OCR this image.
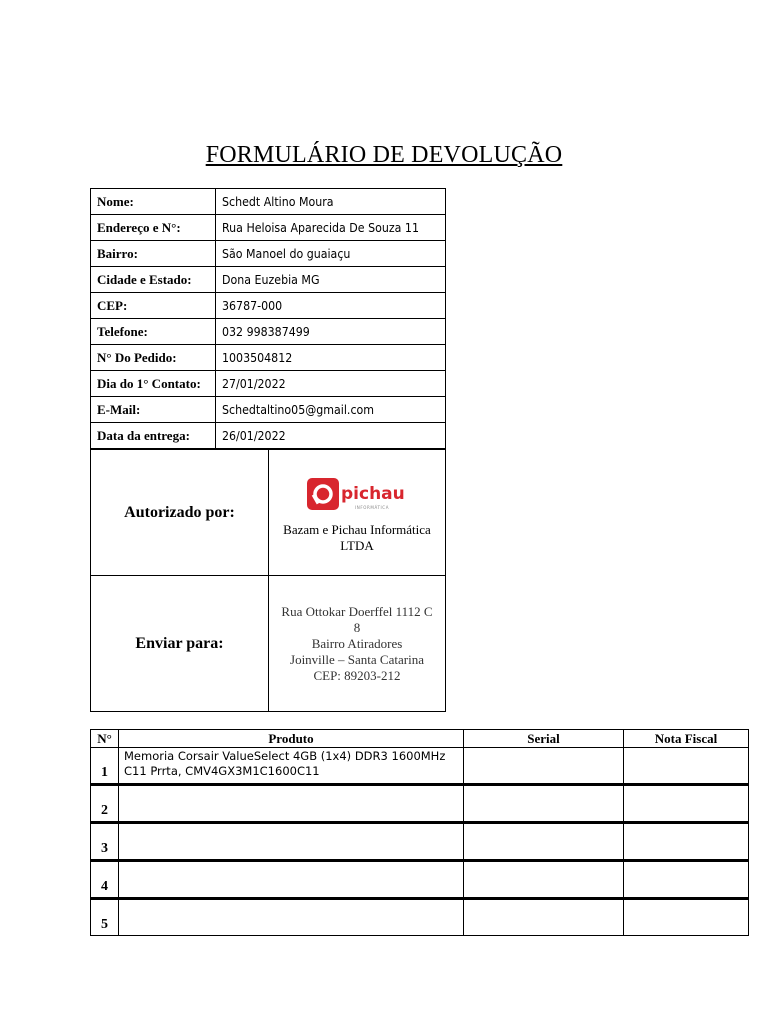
FORMULÁRIO DE DEVOLUÇÃO
Nome:	Schedt Altino Moura
Endereço e N°:	Rua Heloisa Aparecida De Souza 11
Bairro:	São Manoel do guaiaçu
Cidade e Estado:	Dona Euzebia MG
CEP:	36787-000
Telefone:	032 998387499
N° Do Pedido:	1003504812
Dia do 1° Contato:	27/01/2022
E-Mail:	Schedtaltino05@gmail.com
Data da entrega:	26/01/2022
Autorizado por:	pichau
INFORMÁTICA
Bazam e Pichau Informática
LTDA

Enviar para:	Rua Ottokar Doerffel 1112 C
8
Bairro Atiradores
Joinville – Santa Catarina
CEP: 89203-212
N°	Produto	Serial	Nota Fiscal
1	Memoria Corsair ValueSelect 4GB (1x4) DDR3 1600MHz
C11 Prrta, CMV4GX3M1C1600C11		

2	

3	

4	

5	
